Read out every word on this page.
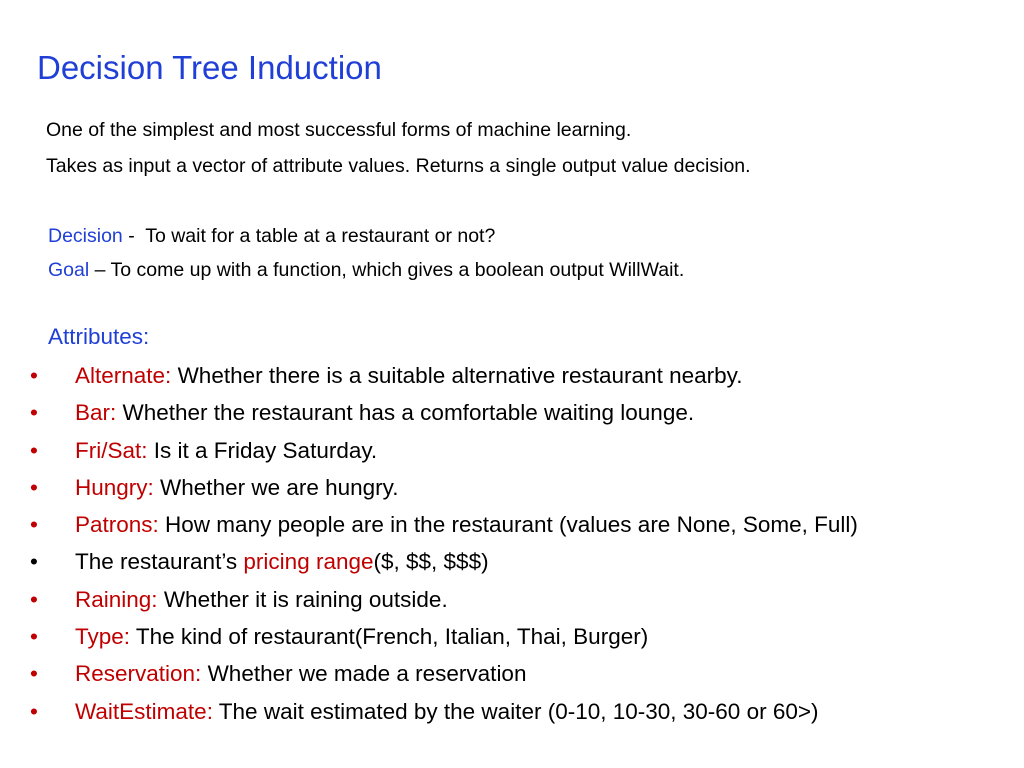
Decision Tree Induction
One of the simplest and most successful forms of machine learning.
Takes as input a vector of attribute values. Returns a single output value decision.
Decision -  To wait for a table at a restaurant or not?
Goal – To come up with a function, which gives a boolean output WillWait.
Attributes:
•	Alternate: Whether there is a suitable alternative restaurant nearby.
•	Bar: Whether the restaurant has a comfortable waiting lounge.
•	Fri/Sat: Is it a Friday Saturday.
•	Hungry: Whether we are hungry.
•	Patrons: How many people are in the restaurant (values are None, Some, Full)
•	The restaurant’s pricing range($, $$, $$$)
•	Raining: Whether it is raining outside.
•	Type: The kind of restaurant(French, Italian, Thai, Burger)
•	Reservation: Whether we made a reservation
•	WaitEstimate: The wait estimated by the waiter (0-10, 10-30, 30-60 or 60>)
